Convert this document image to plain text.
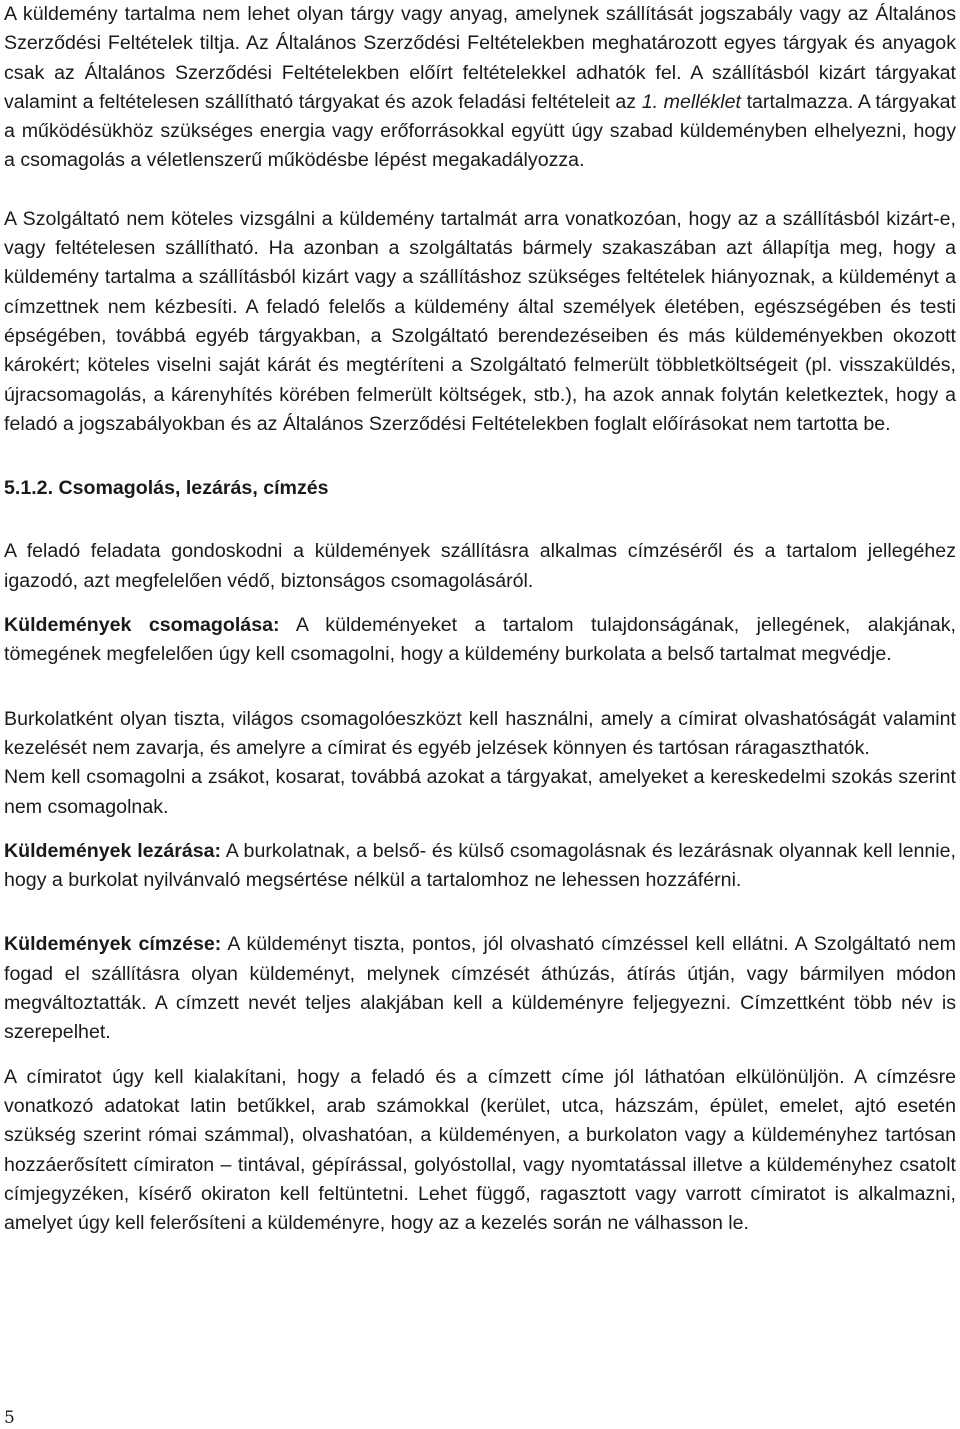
A küldemény tartalma nem lehet olyan tárgy vagy anyag, amelynek szállítását jogszabály vagy az Általános Szerződési Feltételek tiltja. Az Általános Szerződési Feltételekben meghatározott egyes tárgyak és anyagok csak az Általános Szerződési Feltételekben előírt feltételekkel adhatók fel. A szállításból kizárt tárgyakat valamint a feltételesen szállítható tárgyakat és azok feladási feltételeit az 1. melléklet tartalmazza. A tárgyakat a működésükhöz szükséges energia vagy erőforrásokkal együtt úgy szabad küldeményben elhelyezni, hogy a csomagolás a véletlenszerű működésbe lépést megakadályozza.

A Szolgáltató nem köteles vizsgálni a küldemény tartalmát arra vonatkozóan, hogy az a szállításból kizárt-e, vagy feltételesen szállítható. Ha azonban a szolgáltatás bármely szakaszában azt állapítja meg, hogy a küldemény tartalma a szállításból kizárt vagy a szállításhoz szükséges feltételek hiányoznak, a küldeményt a címzettnek nem kézbesíti. A feladó felelős a küldemény által személyek életében, egészségében és testi épségében, továbbá egyéb tárgyakban, a Szolgáltató berendezéseiben és más küldeményekben okozott károkért; köteles viselni saját kárát és megtéríteni a Szolgáltató felmerült többletköltségeit (pl. visszaküldés, újracsomagolás, a kárenyhítés körében felmerült költségek, stb.), ha azok annak folytán keletkeztek, hogy a feladó a jogszabályokban és az Általános Szerződési Feltételekben foglalt előírásokat nem tartotta be.

5.1.2. Csomagolás, lezárás, címzés

A feladó feladata gondoskodni a küldemények szállításra alkalmas címzéséről és a tartalom jellegéhez igazodó, azt megfelelően védő, biztonságos csomagolásáról.

Küldemények csomagolása: A küldeményeket a tartalom tulajdonságának, jellegének, alakjának, tömegének megfelelően úgy kell csomagolni, hogy a küldemény burkolata a belső tartalmat megvédje.

Burkolatként olyan tiszta, világos csomagolóeszközt kell használni, amely a címirat olvashatóságát valamint kezelését nem zavarja, és amelyre a címirat és egyéb jelzések könnyen és tartósan ráragaszthatók.

Nem kell csomagolni a zsákot, kosarat, továbbá azokat a tárgyakat, amelyeket a kereskedelmi szokás szerint nem csomagolnak.

Küldemények lezárása: A burkolatnak, a belső- és külső csomagolásnak és lezárásnak olyannak kell lennie, hogy a burkolat nyilvánvaló megsértése nélkül a tartalomhoz ne lehessen hozzáférni.

Küldemények címzése: A küldeményt tiszta, pontos, jól olvasható címzéssel kell ellátni. A Szolgáltató nem fogad el szállításra olyan küldeményt, melynek címzését áthúzás, átírás útján, vagy bármilyen módon megváltoztatták. A címzett nevét teljes alakjában kell a küldeményre feljegyezni. Címzettként több név is szerepelhet.

A címiratot úgy kell kialakítani, hogy a feladó és a címzett címe jól láthatóan elkülönüljön. A címzésre vonatkozó adatokat latin betűkkel, arab számokkal (kerület, utca, házszám, épület, emelet, ajtó esetén szükség szerint római számmal), olvashatóan, a küldeményen, a burkolaton vagy a küldeményhez tartósan hozzáerősített címiraton – tintával, gépírással, golyóstollal, vagy nyomtatással illetve a küldeményhez csatolt címjegyzéken, kísérő okiraton kell feltüntetni. Lehet függő, ragasztott vagy varrott címiratot is alkalmazni, amelyet úgy kell felerősíteni a küldeményre, hogy az a kezelés során ne válhasson le.

5
